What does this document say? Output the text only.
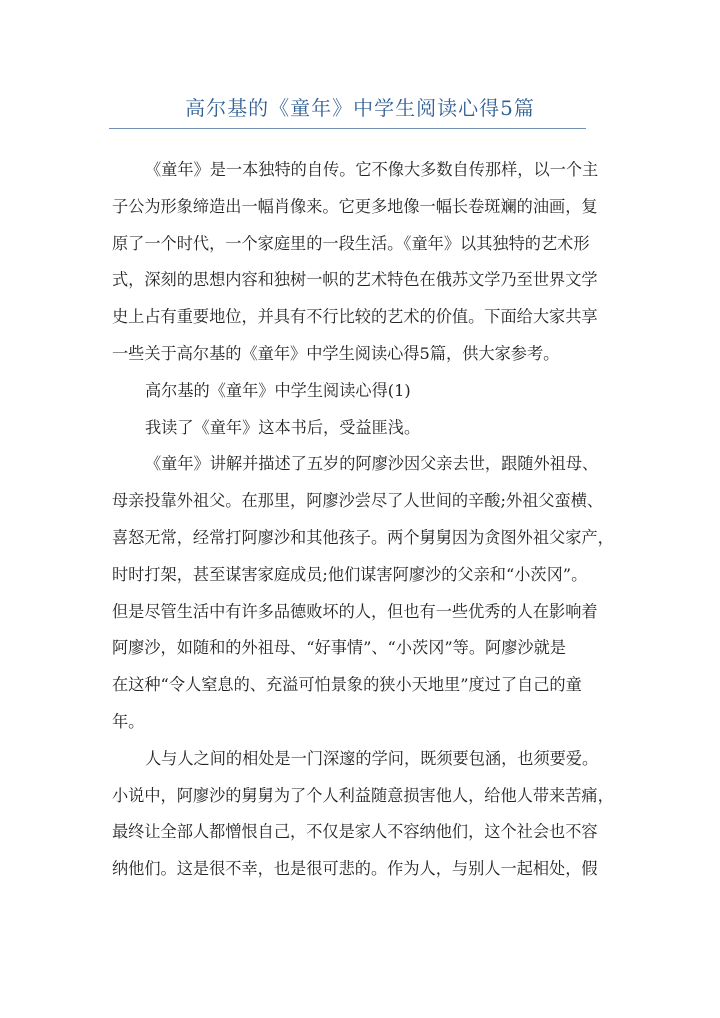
高尔基的《童年》中学生阅读心得5篇
《童年》是一本独特的自传。它不像大多数自传那样，以一个主
子公为形象缔造出一幅肖像来。它更多地像一幅长卷斑斓的油画，复
原了一个时代，一个家庭里的一段生活。《童年》以其独特的艺术形
式，深刻的思想内容和独树一帜的艺术特色在俄苏文学乃至世界文学
史上占有重要地位，并具有不行比较的艺术的价值。下面给大家共享
一些关于高尔基的《童年》中学生阅读心得5篇，供大家参考。
高尔基的《童年》中学生阅读心得(1)
我读了《童年》这本书后，受益匪浅。
《童年》讲解并描述了五岁的阿廖沙因父亲去世，跟随外祖母、
母亲投靠外祖父。在那里，阿廖沙尝尽了人世间的辛酸;外祖父蛮横、
喜怒无常，经常打阿廖沙和其他孩子。两个舅舅因为贪图外祖父家产，
时时打架，甚至谋害家庭成员;他们谋害阿廖沙的父亲和“小茨冈”。
但是尽管生活中有许多品德败坏的人，但也有一些优秀的人在影响着
阿廖沙，如随和的外祖母、“好事情”、“小茨冈”等。阿廖沙就是
在这种“令人窒息的、充溢可怕景象的狭小天地里”度过了自己的童
年。
人与人之间的相处是一门深邃的学问，既须要包涵，也须要爱。
小说中，阿廖沙的舅舅为了个人利益随意损害他人，给他人带来苦痛，
最终让全部人都憎恨自己，不仅是家人不容纳他们，这个社会也不容
纳他们。这是很不幸，也是很可悲的。作为人，与别人一起相处，假
